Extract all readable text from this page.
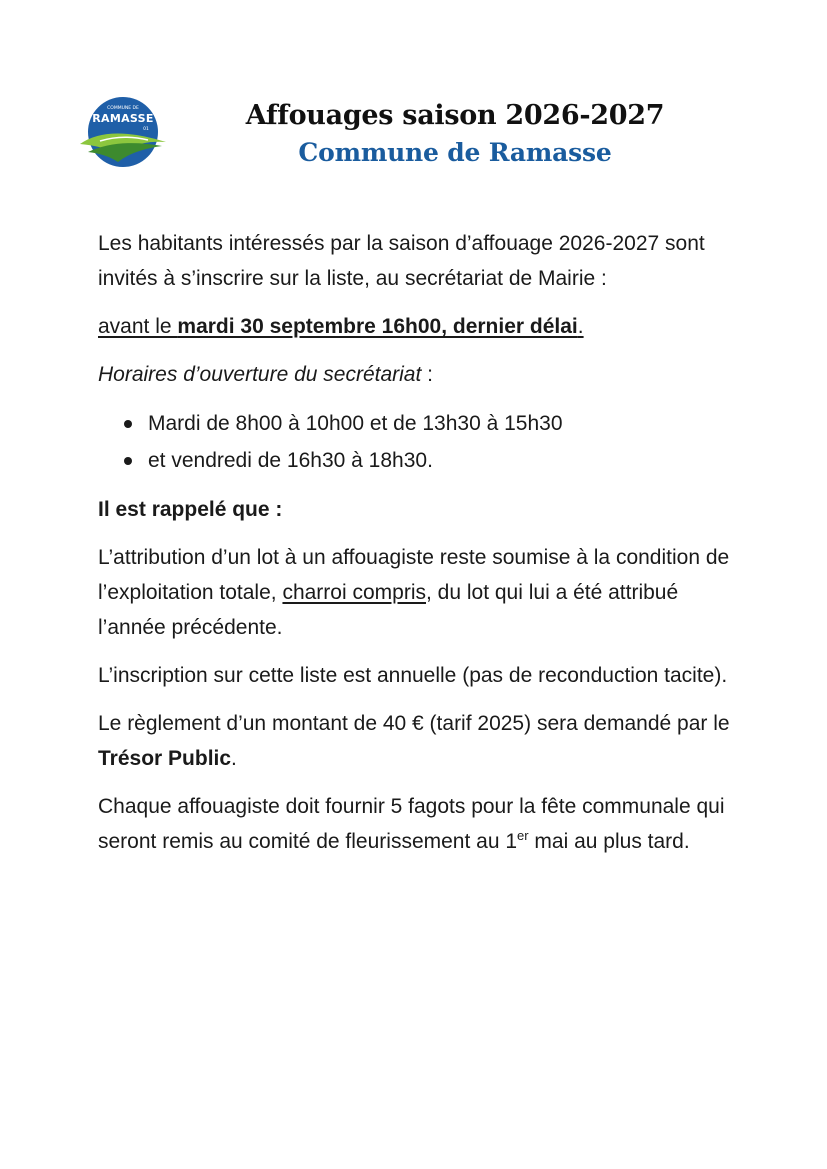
COMMUNE DE
RAMASSE
01	Affouages saison 2026-2027
Commune de Ramasse

Les habitants intéressés par la saison d’affouage 2026-2027 sont invités à s’inscrire sur la liste, au secrétariat de Mairie :

avant le mardi 30 septembre 16h00, dernier délai.

Horaires d’ouverture du secrétariat :

Mardi de 8h00 à 10h00 et de 13h30 à 15h30
et vendredi de 16h30 à 18h30.

Il est rappelé que :

L’attribution d’un lot à un affouagiste reste soumise à la condition de l’exploitation totale, charroi compris, du lot qui lui a été attribué l’année précédente.

L’inscription sur cette liste est annuelle (pas de reconduction tacite).

Le règlement d’un montant de 40 € (tarif 2025) sera demandé par le Trésor Public.

Chaque affouagiste doit fournir 5 fagots pour la fête communale qui seront remis au comité de fleurissement au 1er mai au plus tard.
